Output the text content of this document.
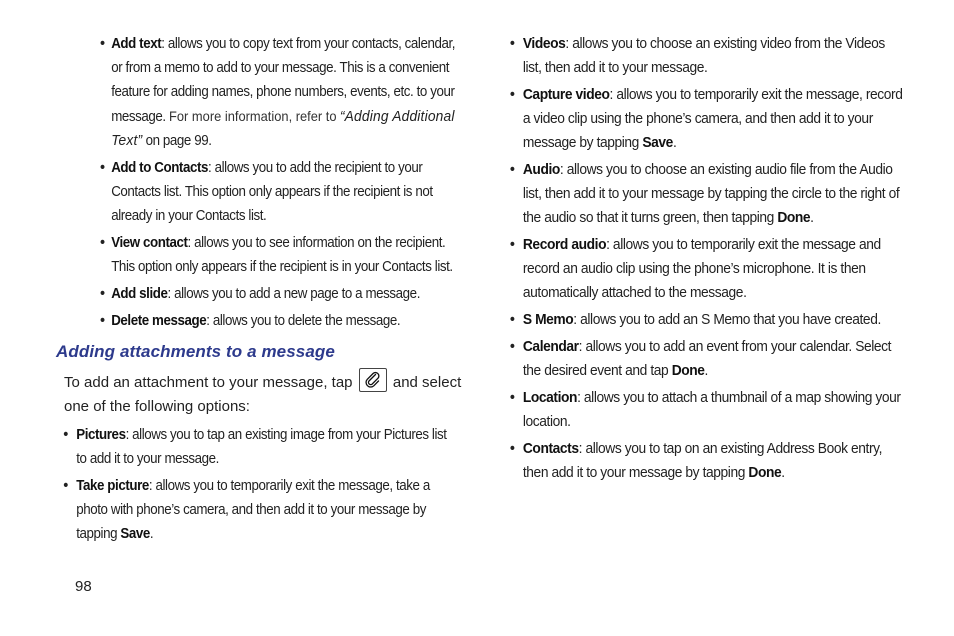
• Add text: allows you to copy text from your contacts, calendar, or from a memo to add to your message. This is a convenient feature for adding names, phone numbers, events, etc. to your message. For more information, refer to “Adding Additional Text” on page 99.
• Add to Contacts: allows you to add the recipient to your Contacts list. This option only appears if the recipient is not already in your Contacts list.
• View contact: allows you to see information on the recipient. This option only appears if the recipient is in your Contacts list.
• Add slide: allows you to add a new page to a message.
• Delete message: allows you to delete the message.
Adding attachments to a message

To add an attachment to your message, tap	and select one of the following options:

• Pictures: allows you to tap an existing image from your Pictures list to add it to your message.
• Take picture: allows you to temporarily exit the message, take a photo with phone’s camera, and then add it to your message by tapping Save.
• Videos: allows you to choose an existing video from the Videos list, then add it to your message.
• Capture video: allows you to temporarily exit the message, record a video clip using the phone’s camera, and then add it to your message by tapping Save.
• Audio: allows you to choose an existing audio file from the Audio list, then add it to your message by tapping the circle to the right of the audio so that it turns green, then tapping Done.
• Record audio: allows you to temporarily exit the message and record an audio clip using the phone’s microphone. It is then automatically attached to the message.
• S Memo: allows you to add an S Memo that you have created.
• Calendar: allows you to add an event from your calendar. Select the desired event and tap Done.
• Location: allows you to attach a thumbnail of a map showing your location.
• Contacts: allows you to tap on an existing Address Book entry, then add it to your message by tapping Done.
98
